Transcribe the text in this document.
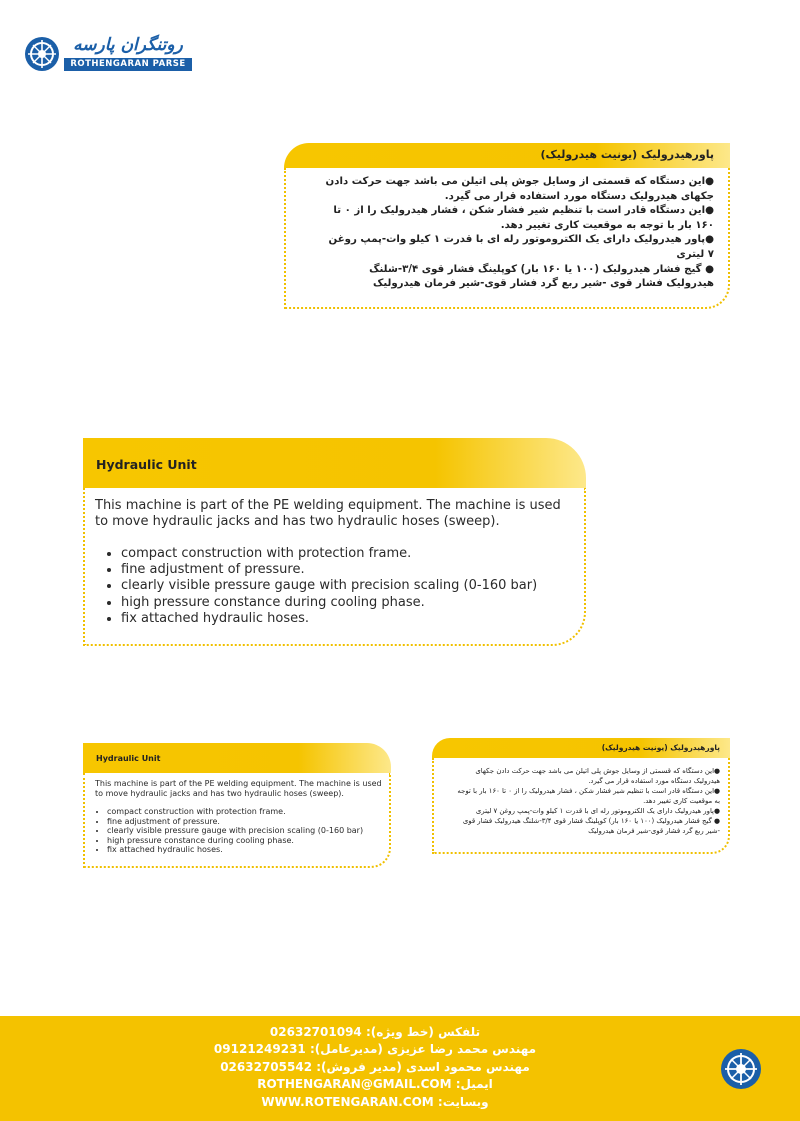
روتنگران پارسه
ROTHENGARAN PARSE
پاورهیدرولیک (یونیت هیدرولیک)
●این دستگاه که قسمتی از وسایل جوش پلی اتیلن می باشد جهت حرکت دادن جکهای هیدرولیک دستگاه مورد استفاده قرار می گیرد.
●این دستگاه قادر است با تنظیم شیر فشار شکن ، فشار هیدرولیک را از ۰ تا ۱۶۰ بار با توجه به موقعیت کاری تغییر دهد.
●پاور هیدرولیک دارای یک الکتروموتور رله ای با قدرت ۱ کیلو وات-پمپ روغن ۷ لیتری
● گیج فشار هیدرولیک (۱۰۰ یا ۱۶۰ بار) کوپلینگ فشار قوی ۳/۴-شلنگ هیدرولیک فشار قوی -شیر ربع گرد فشار قوی-شیر فرمان هیدرولیک
Hydraulic Unit
This machine is part of the PE welding equipment. The machine is used to move hydraulic jacks and has two hydraulic hoses (sweep).
• compact construction with protection frame.
• fine adjustment of pressure.
• clearly visible pressure gauge with precision scaling (0-160 bar)
• high pressure constance during cooling phase.
• fix attached hydraulic hoses.
Hydraulic Unit
This machine is part of the PE welding equipment. The machine is used to move hydraulic jacks and has two hydraulic hoses (sweep).
• compact construction with protection frame.
• fine adjustment of pressure.
• clearly visible pressure gauge with precision scaling (0-160 bar)
• high pressure constance during cooling phase.
• fix attached hydraulic hoses.
پاورهیدرولیک (یونیت هیدرولیک)
●این دستگاه که قسمتی از وسایل جوش پلی اتیلن می باشد جهت حرکت دادن جکهای هیدرولیک دستگاه مورد استفاده قرار می گیرد.
●این دستگاه قادر است با تنظیم شیر فشار شکن ، فشار هیدرولیک را از ۰ تا ۱۶۰ بار با توجه به موقعیت کاری تغییر دهد.
●پاور هیدرولیک دارای یک الکتروموتور رله ای با قدرت ۱ کیلو وات-پمپ روغن ۷ لیتری
● گیج فشار هیدرولیک (۱۰۰ یا ۱۶۰ بار) کوپلینگ فشار قوی ۳/۴-شلنگ هیدرولیک فشار قوی -شیر ربع گرد فشار قوی-شیر فرمان هیدرولیک
تلفکس (خط ویژه): 02632701094
مهندس محمد رضا عزیزی (مدیرعامل): 09121249231
مهندس محمود اسدی (مدیر فروش): 02632705542
ایمیل: ROTHENGARAN@GMAIL.COM
وبسایت: WWW.ROTENGARAN.COM
